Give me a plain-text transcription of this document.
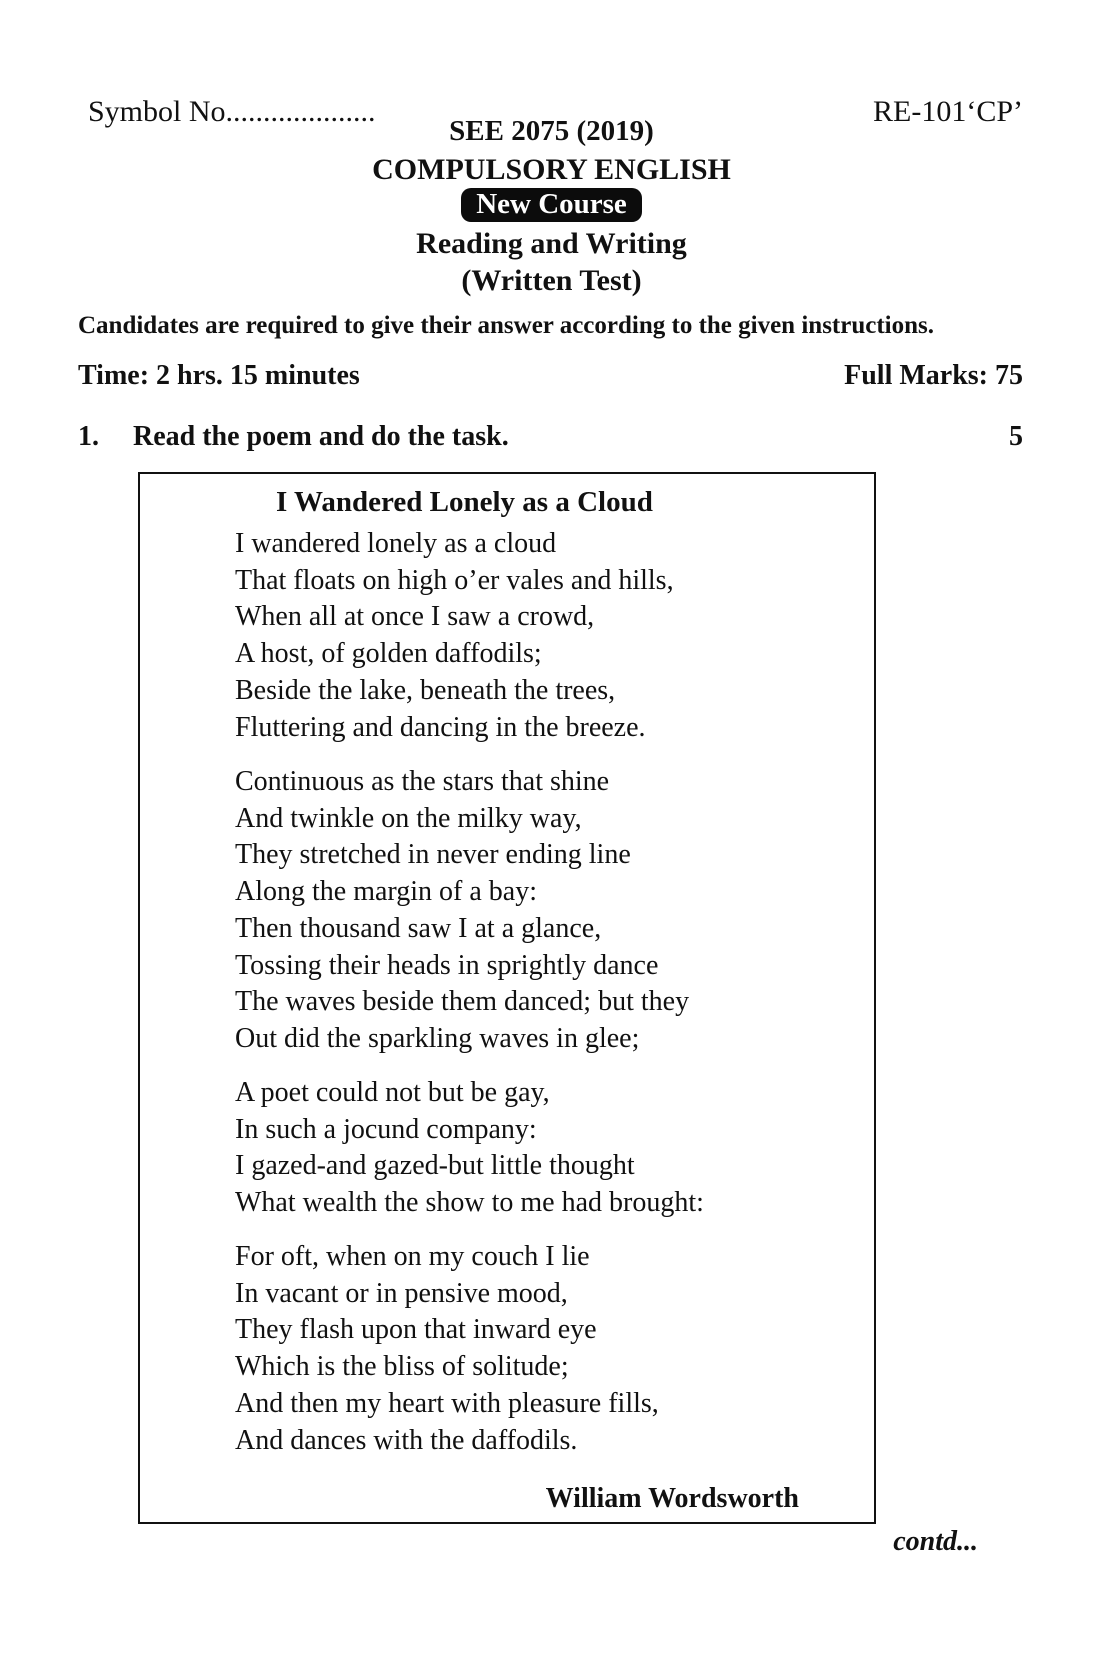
Symbol No....................	RE-101‘CP’
SEE 2075 (2019)
COMPULSORY ENGLISH
New Course
Reading and Writing
(Written Test)
Candidates are required to give their answer according to the given instructions.
Time: 2 hrs. 15 minutes	Full Marks: 75
1. Read the poem and do the task.	5
I Wandered Lonely as a Cloud
I wandered lonely as a cloud
That floats on high o’er vales and hills,
When all at once I saw a crowd,
A host, of golden daffodils;
Beside the lake, beneath the trees,
Fluttering and dancing in the breeze.
Continuous as the stars that shine
And twinkle on the milky way,
They stretched in never ending line
Along the margin of a bay:
Then thousand saw I at a glance,
Tossing their heads in sprightly dance
The waves beside them danced; but they
Out did the sparkling waves in glee;
A poet could not but be gay,
In such a jocund company:
I gazed-and gazed-but little thought
What wealth the show to me had brought:
For oft, when on my couch I lie
In vacant or in pensive mood,
They flash upon that inward eye
Which is the bliss of solitude;
And then my heart with pleasure fills,
And dances with the daffodils.
William Wordsworth
contd...
